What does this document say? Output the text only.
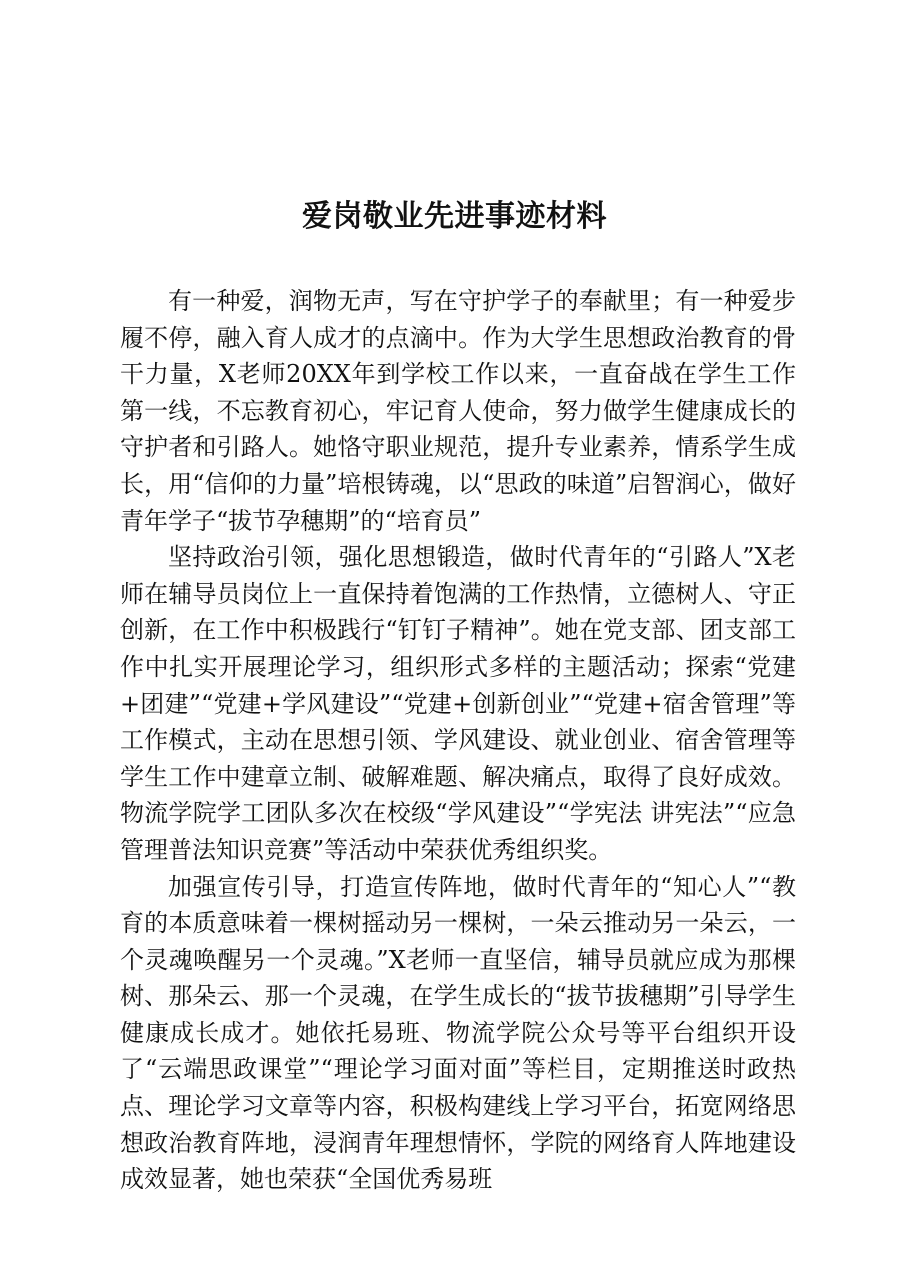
爱岗敬业先进事迹材料

有一种爱，润物无声，写在守护学子的奉献里；有一种爱步履不停，融入育人成才的点滴中。作为大学生思想政治教育的骨干力量，X老师20XX年到学校工作以来，一直奋战在学生工作第一线，不忘教育初心，牢记育人使命，努力做学生健康成长的守护者和引路人。她恪守职业规范，提升专业素养，情系学生成长，用“信仰的力量”培根铸魂，以“思政的味道”启智润心，做好青年学子“拔节孕穗期”的“培育员”

坚持政治引领，强化思想锻造，做时代青年的“引路人”X老师在辅导员岗位上一直保持着饱满的工作热情，立德树人、守正创新，在工作中积极践行“钉钉子精神”。她在党支部、团支部工作中扎实开展理论学习，组织形式多样的主题活动；探索“党建+团建”“党建+学风建设”“党建+创新创业”“党建+宿舍管理”等工作模式，主动在思想引领、学风建设、就业创业、宿舍管理等学生工作中建章立制、破解难题、解决痛点，取得了良好成效。物流学院学工团队多次在校级“学风建设”“学宪法 讲宪法”“应急管理普法知识竞赛”等活动中荣获优秀组织奖。

加强宣传引导，打造宣传阵地，做时代青年的“知心人”“教育的本质意味着一棵树摇动另一棵树，一朵云推动另一朵云，一个灵魂唤醒另一个灵魂。”X老师一直坚信，辅导员就应成为那棵树、那朵云、那一个灵魂，在学生成长的“拔节拔穗期”引导学生健康成长成才。她依托易班、物流学院公众号等平台组织开设了“云端思政课堂”“理论学习面对面”等栏目，定期推送时政热点、理论学习文章等内容，积极构建线上学习平台，拓宽网络思想政治教育阵地，浸润青年理想情怀，学院的网络育人阵地建设成效显著，她也荣获“全国优秀易班
